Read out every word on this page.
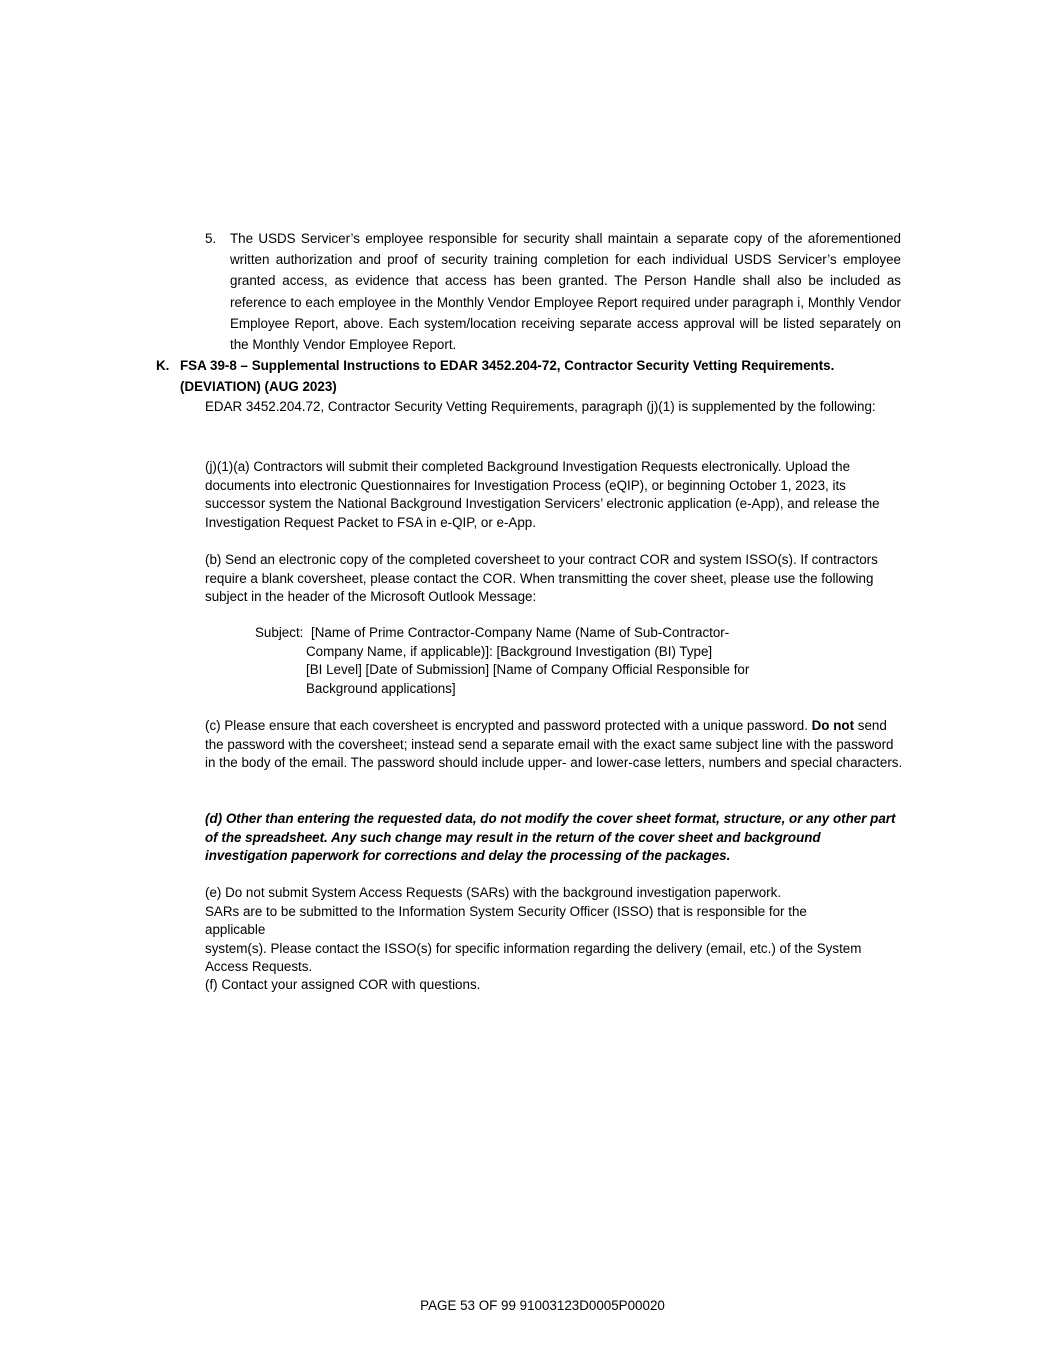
5. The USDS Servicer’s employee responsible for security shall maintain a separate copy of the aforementioned written authorization and proof of security training completion for each individual USDS Servicer’s employee granted access, as evidence that access has been granted. The Person Handle shall also be included as reference to each employee in the Monthly Vendor Employee Report required under paragraph i, Monthly Vendor Employee Report, above. Each system/location receiving separate access approval will be listed separately on the Monthly Vendor Employee Report.
K. FSA 39-8 – Supplemental Instructions to EDAR 3452.204-72, Contractor Security Vetting Requirements. (DEVIATION) (AUG 2023)
EDAR 3452.204.72, Contractor Security Vetting Requirements, paragraph (j)(1) is supplemented by the following:
(j)(1)(a) Contractors will submit their completed Background Investigation Requests electronically. Upload the documents into electronic Questionnaires for Investigation Process (eQIP), or beginning October 1, 2023, its successor system the National Background Investigation Servicers’ electronic application (e-App), and release the Investigation Request Packet to FSA in e-QIP, or e-App.
(b) Send an electronic copy of the completed coversheet to your contract COR and system ISSO(s). If contractors require a blank coversheet, please contact the COR. When transmitting the cover sheet, please use the following subject in the header of the Microsoft Outlook Message:
Subject: [Name of Prime Contractor-Company Name (Name of Sub-Contractor-
Company Name, if applicable)]: [Background Investigation (BI) Type]
[BI Level] [Date of Submission] [Name of Company Official Responsible for
Background applications]
(c) Please ensure that each coversheet is encrypted and password protected with a unique password. Do not send the password with the coversheet; instead send a separate email with the exact same subject line with the password in the body of the email. The password should include upper- and lower-case letters, numbers and special characters.
(d) Other than entering the requested data, do not modify the cover sheet format, structure, or any other part of the spreadsheet. Any such change may result in the return of the cover sheet and background investigation paperwork for corrections and delay the processing of the packages.
(e) Do not submit System Access Requests (SARs) with the background investigation paperwork. SARs are to be submitted to the Information System Security Officer (ISSO) that is responsible for the applicable
system(s). Please contact the ISSO(s) for specific information regarding the delivery (email, etc.) of the System Access Requests.
(f) Contact your assigned COR with questions.
PAGE 53 OF 99 91003123D0005P00020
